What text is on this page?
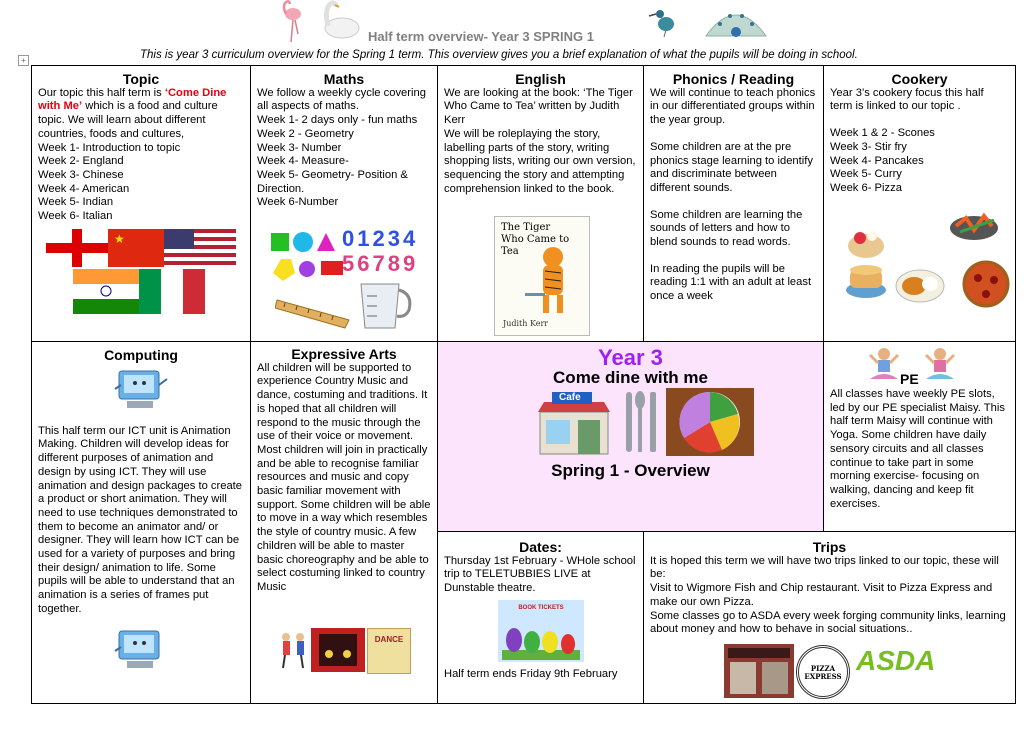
Half term overview- Year 3 SPRING 1
+	This is year 3 curriculum overview for the Spring 1 term. This overview gives you a brief explanation of what the pupils will be doing in school.
Topic

Our topic this half term is ‘Come Dine with Me’ which is a food and culture topic. We will learn about different countries, foods and cultures,

Week 1- Introduction to topic
Week 2- England
Week 3- Chinese
Week 4- American
Week 5- Indian
Week 6- Italian
★
Maths

We follow a weekly cycle covering all aspects of maths.

Week 1- 2 days only - fun maths

Week 2 - Geometry

Week 3- Number

Week 4- Measure-

Week 5- Geometry- Position & Direction.

Week 6-Number

01234
56789
English

We are looking at the book: ‘The Tiger Who Came to Tea’ written by Judith Kerr

We will be roleplaying the story, labelling parts of the story, writing shopping lists, writing our own version, sequencing the story and attempting comprehension linked to the book.

The Tiger Who Came to Tea
Judith Kerr
Phonics / Reading

We will continue to teach phonics in our differentiated groups within the year group.

Some children are at the pre phonics stage learning to identify and discriminate between different sounds.

Some children are learning the sounds of letters and how to blend sounds to read words.

In reading the pupils will be reading 1:1 with an adult at least once a week

Cookery

Year 3’s cookery focus this half term is linked to our topic .

Week 1 & 2 - Scones
Week 3- Stir fry
Week 4- Pancakes
Week 5- Curry
Week 6- Pizza
Computing

This half term our ICT unit is Animation Making. Children will develop ideas for different purposes of animation and design by using ICT. They will use animation and design packages to create a product or short animation. They will need to use techniques demonstrated to them to become an animator and/ or designer. They will learn how ICT can be used for a variety of purposes and bring their design/ animation to life. Some pupils will be able to understand that an animation is a series of frames put together.

Expressive Arts

All children will be supported to experience Country Music and dance, costuming and traditions. It is hoped that all children will respond to the music through the use of their voice or movement. Most children will join in practically and be able to recognise familiar resources and music and copy basic familiar movement with support. Some children will be able to move in a way which resembles the style of country music. A few children will be able to master basic choreography and be able to select costuming linked to country Music

DANCE
Year 3
Come dine with me
Cafe
Spring 1 - Overview
PE

All classes have weekly PE slots, led by our PE specialist Maisy. This half term Maisy will continue with Yoga. Some children have daily sensory circuits and all classes continue to take part in some morning exercise- focusing on walking, dancing and keep fit exercises.

Dates:

Thursday 1st February - WHole school trip to TELETUBBIES LIVE at Dunstable theatre.

BOOK TICKETS

Half term ends Friday 9th February

Trips

It is hoped this term we will have two trips linked to our topic, these will be:

Visit to Wigmore Fish and Chip restaurant. Visit to Pizza Express and make our own Pizza.

Some classes go to ASDA every week forging community links, learning about money and how to behave in social situations..

PIZZA EXPRESS
ASDA
